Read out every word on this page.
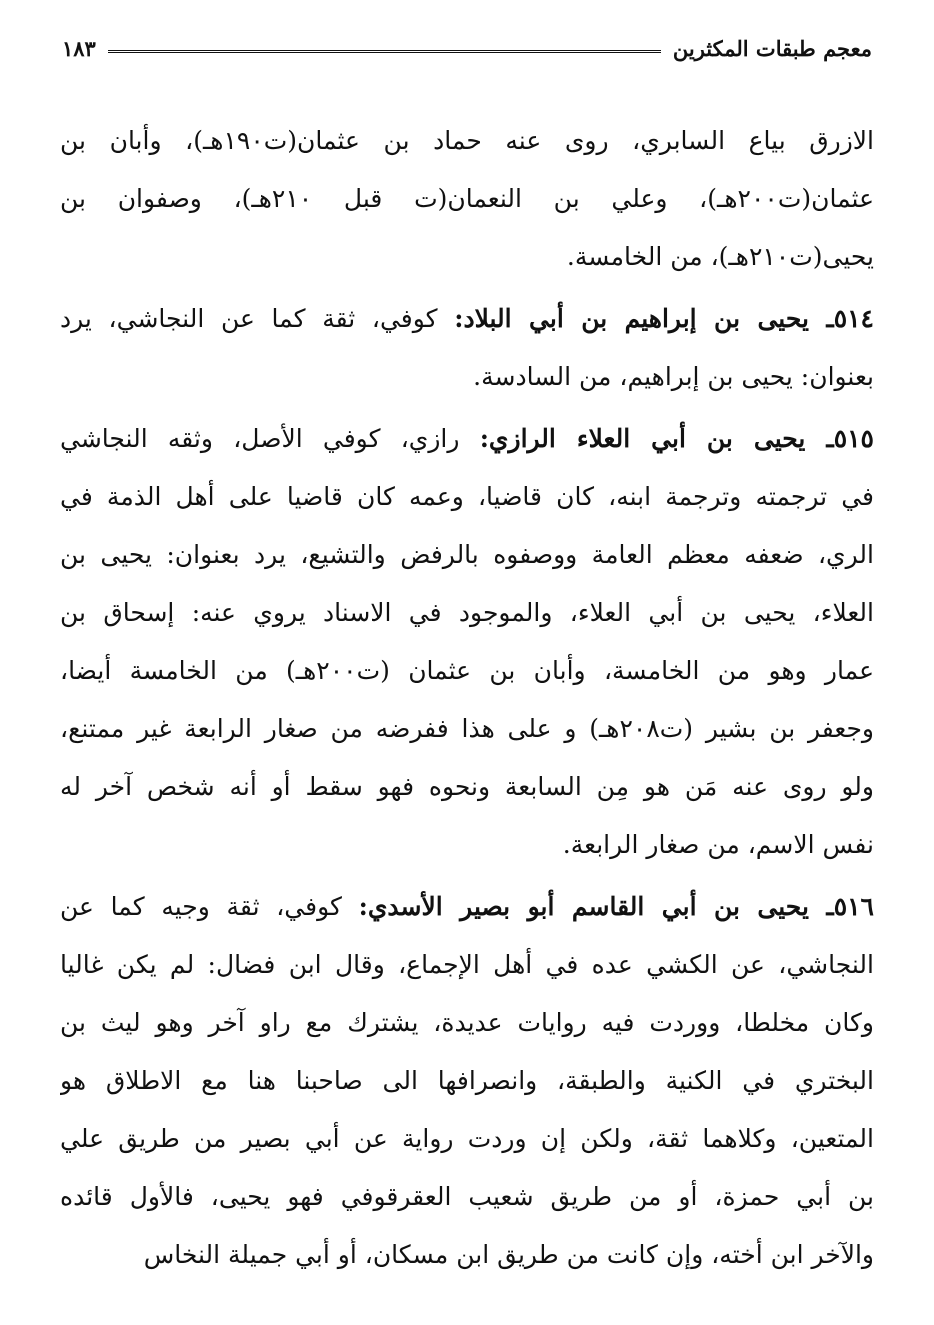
معجم طبقات المكثرين
١٨٣
الازرق بياع السابري، روى عنه حماد بن عثمان(ت١٩٠هـ)، وأبان بن
عثمان(ت٢٠٠هـ)، وعلي بن النعمان(ت قبل ٢١٠هـ)، وصفوان بن
يحيى(ت٢١٠هـ)، من الخامسة.
٥١٤ـ يحيى بن إبراهيم بن أبي البلاد: كوفي، ثقة كما عن النجاشي، يرد
بعنوان: يحيى بن إبراهيم، من السادسة.
٥١٥ـ يحيى بن أبي العلاء الرازي: رازي، كوفي الأصل، وثقه النجاشي
في ترجمته وترجمة ابنه، كان قاضيا، وعمه كان قاضيا على أهل الذمة في
الري، ضعفه معظم العامة ووصفوه بالرفض والتشيع، يرد بعنوان: يحيى بن
العلاء، يحيى بن أبي العلاء، والموجود في الاسناد يروي عنه: إسحاق بن
عمار وهو من الخامسة، وأبان بن عثمان (ت٢٠٠هـ) من الخامسة أيضا،
وجعفر بن بشير (ت٢٠٨هـ) و على هذا ففرضه من صغار الرابعة غير ممتنع،
ولو روى عنه مَن هو مِن السابعة ونحوه فهو سقط أو أنه شخص آخر له
نفس الاسم، من صغار الرابعة.
٥١٦ـ يحيى بن أبي القاسم أبو بصير الأسدي: كوفي، ثقة وجيه كما عن
النجاشي، عن الكشي عده في أهل الإجماع، وقال ابن فضال: لم يكن غاليا
وكان مخلطا، ووردت فيه روايات عديدة، يشترك مع راو آخر وهو ليث بن
البختري في الكنية والطبقة، وانصرافها الى صاحبنا هنا مع الاطلاق هو
المتعين، وكلاهما ثقة، ولكن إن وردت رواية عن أبي بصير من طريق علي
بن أبي حمزة، أو من طريق شعيب العقرقوفي فهو يحيى، فالأول قائده
والآخر ابن أخته، وإن كانت من طريق ابن مسكان، أو أبي جميلة النخاس
